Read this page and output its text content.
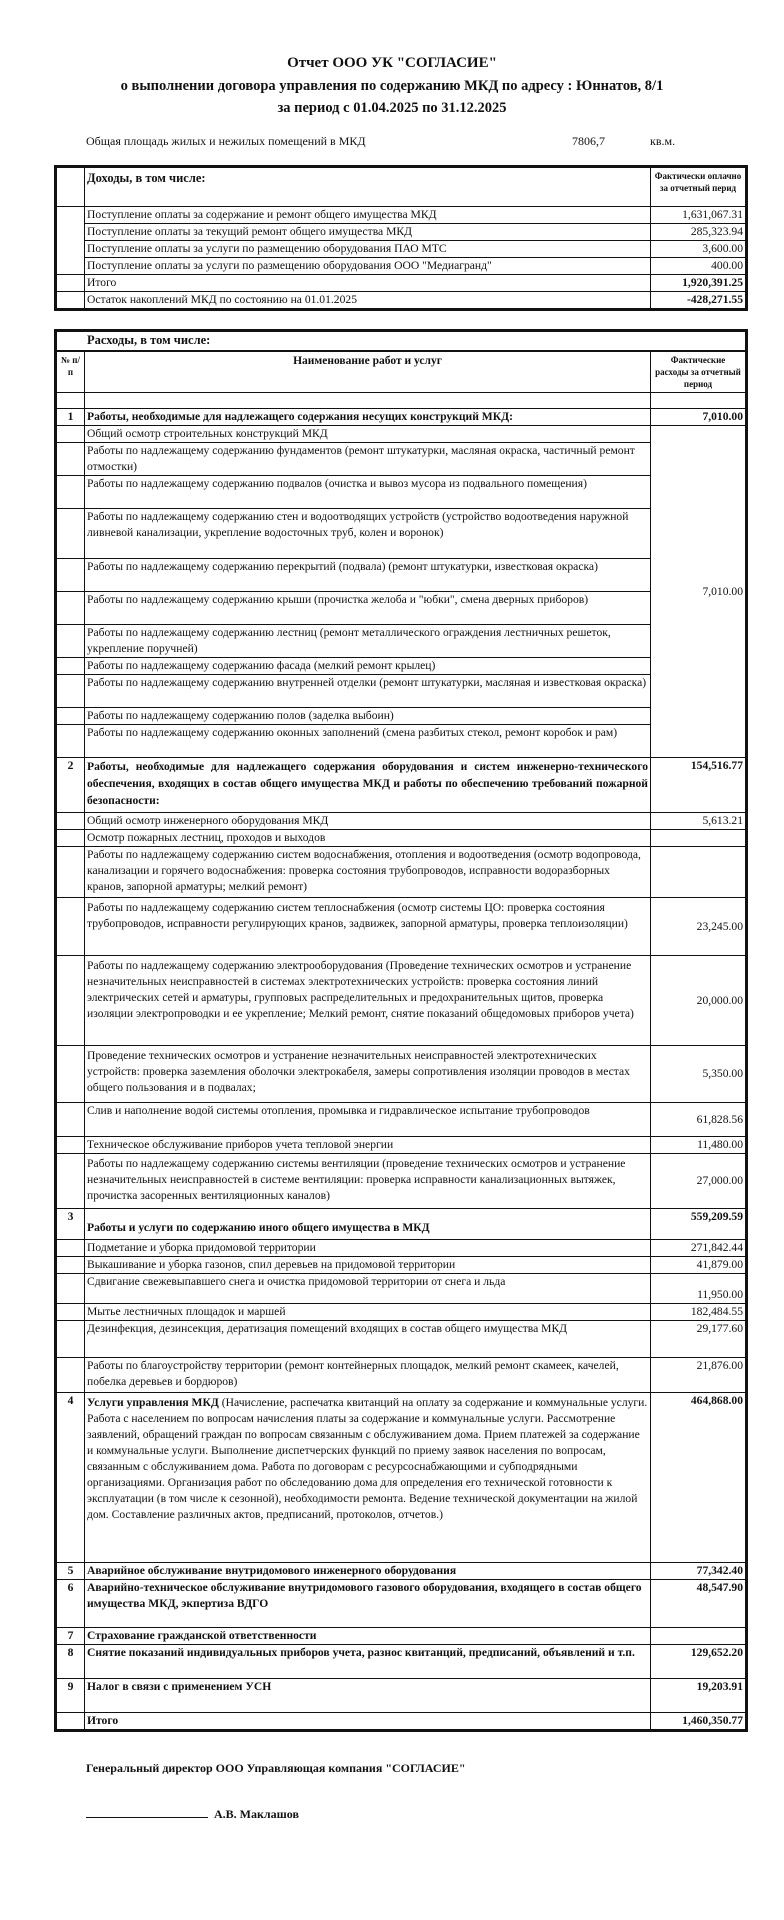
Отчет ООО УК "СОГЛАСИЕ"
о выполнении договора управления по содержанию МКД по адресу : Юннатов, 8/1
за период с 01.04.2025 по 31.12.2025
Общая площадь жилых и нежилых помещений в МКД	7806,7	кв.м.
	Доходы, в том числе:	Фактически оплачно за отчетный перид
	Поступление оплаты за содержание и ремонт общего имущества МКД	1,631,067.31
	Поступление оплаты за текущий ремонт общего имущества МКД	285,323.94
	Поступление оплаты за услуги по размещению оборудования ПАО МТС	3,600.00
	Поступление оплаты за услуги по размещению оборудования ООО "Медиагранд"	400.00
	Итого	1,920,391.25
	Остаток накоплений МКД по состоянию на 01.01.2025	-428,271.55
Расходы, в том числе:		
№ п/п	Наименование работ и услуг	Фактические расходы за отчетный период

1	Работы, необходимые для надлежащего содержания несущих конструкций МКД:	7,010.00
	Общий осмотр строительных конструкций МКД	7,010.00
	Работы по надлежащему содержанию фундаментов (ремонт штукатурки, масляная окраска, частичный ремонт отмостки)	
	Работы по надлежащему содержанию подвалов (очистка и вывоз мусора из подвального помещения)	
	Работы по надлежащему содержанию стен и водоотводящих устройств (устройство водоотведения наружной ливневой канализации, укрепление водосточных труб, колен и воронок)	
	Работы по надлежащему содержанию перекрытий (подвала) (ремонт штукатурки, известковая окраска)	
	Работы по надлежащему содержанию крыши (прочистка желоба и "юбки", смена дверных приборов)	
	Работы по надлежащему содержанию лестниц (ремонт металлического ограждения лестничных решеток, укрепление поручней)	
	Работы по надлежащему содержанию фасада (мелкий ремонт крылец)	
	Работы по надлежащему содержанию внутренней отделки (ремонт штукатурки, масляная и известковая окраска)	
	Работы по надлежащему содержанию полов (заделка выбоин)	
	Работы по надлежащему содержанию оконных заполнений (смена разбитых стекол, ремонт коробок и рам)	
2	Работы, необходимые для надлежащего содержания оборудования и систем инженерно-технического обеспечения, входящих в состав общего имущества МКД и работы по обеспечению требований пожарной безопасности:	154,516.77
	Общий осмотр инженерного оборудования МКД	5,613.21
	Осмотр пожарных лестниц, проходов и выходов	
	Работы по надлежащему содержанию систем водоснабжения, отопления и водоотведения (осмотр водопровода, канализации и горячего водоснабжения: проверка состояния трубопроводов, исправности водоразборных кранов, запорной арматуры; мелкий ремонт)	
	Работы по надлежащему содержанию систем теплоснабжения (осмотр системы ЦО: проверка состояния трубопроводов, исправности регулирующих кранов, задвижек, запорной арматуры, проверка теплоизоляции)	23,245.00
	Работы по надлежащему содержанию электрооборудования (Проведение технических осмотров и устранение незначительных неисправностей в системах электротехнических устройств: проверка состояния линий электрических сетей и арматуры, групповых распределительных и предохранительных щитов, проверка изоляции электропроводки и ее укрепление; Мелкий ремонт, снятие показаний общедомовых приборов учета)	20,000.00
	Проведение технических осмотров и устранение незначительных неисправностей электротехнических устройств: проверка заземления оболочки электрокабеля, замеры сопротивления изоляции проводов в местах общего пользования и в подвалах;	5,350.00
	Слив и наполнение водой системы отопления, промывка и гидравлическое испытание трубопроводов	61,828.56
	Техническое обслуживание приборов учета тепловой энергии	11,480.00
	Работы по надлежащему содержанию системы вентиляции (проведение технических осмотров и устранение незначительных неисправностей в системе вентиляции: проверка исправности канализационных вытяжек, прочистка засоренных вентиляционных каналов)	27,000.00
3	Работы и услуги по содержанию иного общего имущества в МКД	559,209.59
	Подметание и уборка придомовой территории	271,842.44
	Выкашивание и уборка газонов, спил деревьев на придомовой территории	41,879.00
	Сдвигание свежевыпавшего снега и очистка придомовой территории от снега и льда	11,950.00
	Мытье лестничных площадок и маршей	182,484.55
	Дезинфекция, дезинсекция, дератизация помещений входящих в состав общего имущества МКД	29,177.60
	Работы по благоустройству территории (ремонт контейнерных площадок, мелкий ремонт скамеек, качелей, побелка деревьев и бордюров)	21,876.00
4	Услуги управления МКД (Начисление, распечатка квитанций на оплату за содержание и коммунальные услуги. Работа с населением по вопросам начисления платы за содержание и коммунальные услуги. Рассмотрение заявлений, обращений граждан по вопросам связанным с обслуживанием дома. Прием платежей за содержание и коммунальные услуги. Выполнение диспетчерских функций по приему заявок населения по вопросам, связанным с обслуживанием дома. Работа по договорам с ресурсоснабжающими и субподрядными организациями. Организация работ по обследованию дома для определения его технической готовности к эксплуатации (в том числе к сезонной), необходимости ремонта. Ведение технической документации на жилой дом. Составление различных актов, предписаний, протоколов, отчетов.)	464,868.00
5	Аварийное обслуживание внутридомового инженерного оборудования	77,342.40
6	Аварийно-техническое обслуживание внутридомового газового оборудования, входящего в состав общего имущества МКД, экпертиза ВДГО	48,547.90
7	Страхование гражданской ответственности	
8	Снятие показаний индивидуальных приборов учета, разнос квитанций, предписаний, объявлений и т.п.	129,652.20
9	Налог в связи с применением УСН	19,203.91
	Итого	1,460,350.77
Генеральный директор ООО Управляющая компания "СОГЛАСИЕ"
А.В. Маклашов
